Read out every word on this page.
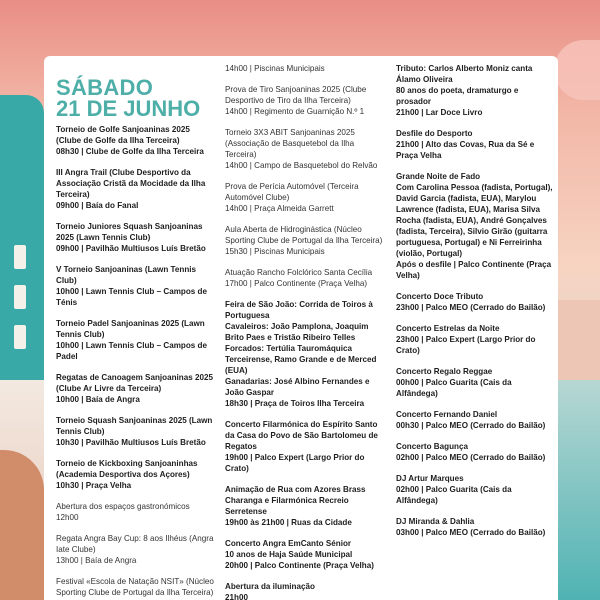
SÁBADO
21 DE JUNHO
Torneio de Golfe Sanjoaninas 2025 (Clube de Golfe da Ilha Terceira)
08h30 | Clube de Golfe da Ilha Terceira
III Angra Trail (Clube Desportivo da Associação Cristã da Mocidade da Ilha Terceira)
09h00 | Baía do Fanal
Torneio Juniores Squash Sanjoaninas 2025 (Lawn Tennis Club)
09h00 | Pavilhão Multiusos Luís Bretão
V Torneio Sanjoaninas (Lawn Tennis Club)
10h00 | Lawn Tennis Club – Campos de Ténis
Torneio Padel Sanjoaninas 2025 (Lawn Tennis Club)
10h00 | Lawn Tennis Club – Campos de Padel
Regatas de Canoagem Sanjoaninas 2025 (Clube Ar Livre da Terceira)
10h00 | Baía de Angra
Torneio Squash Sanjoaninas 2025 (Lawn Tennis Club)
10h30 | Pavilhão Multiusos Luís Bretão
Torneio de Kickboxing Sanjoaninhas (Academia Desportiva dos Açores)
10h30 | Praça Velha
Abertura dos espaços gastronómicos
12h00
Regata Angra Bay Cup: 8 aos Ilhéus (Angra Iate Clube)
13h00 | Baía de Angra
Festival «Escola de Natação NSIT» (Núcleo Sporting Clube de Portugal da Ilha Terceira)
14h00 | Piscinas Municipais
Prova de Tiro Sanjoaninas 2025 (Clube Desportivo de Tiro da Ilha Terceira)
14h00 | Regimento de Guarnição N.º 1
Torneio 3X3 ABIT Sanjoaninas 2025 (Associação de Basquetebol da Ilha Terceira)
14h00 | Campo de Basquetebol do Relvão
Prova de Perícia Automóvel (Terceira Automóvel Clube)
14h00 | Praça Almeida Garrett
Aula Aberta de Hidroginástica (Núcleo Sporting Clube de Portugal da Ilha Terceira)
15h30 | Piscinas Municipais
Atuação Rancho Folclórico Santa Cecília
17h00 | Palco Continente (Praça Velha)
Feira de São João: Corrida de Toiros à Portuguesa
Cavaleiros: João Pamplona, Joaquim Brito Paes e Tristão Ribeiro Telles
Forcados: Tertúlia Tauromáquica Terceirense, Ramo Grande e de Merced (EUA)
Ganadarias: José Albino Fernandes e João Gaspar
18h30 | Praça de Toiros Ilha Terceira
Concerto Filarmónica do Espírito Santo da Casa do Povo de São Bartolomeu de Regatos
19h00 | Palco Expert (Largo Prior do Crato)
Animação de Rua com Azores Brass Charanga e Filarmónica Recreio Serretense
19h00 às 21h00 | Ruas da Cidade
Concerto Angra EmCanto Sénior
10 anos de Haja Saúde Municipal
20h00 | Palco Continente (Praça Velha)
Abertura da iluminação
21h00
Tributo: Carlos Alberto Moniz canta Álamo Oliveira
80 anos do poeta, dramaturgo e prosador
21h00 | Lar Doce Livro
Desfile do Desporto
21h00 | Alto das Covas, Rua da Sé e Praça Velha
Grande Noite de Fado
Com Carolina Pessoa (fadista, Portugal), David Garcia (fadista, EUA), Marylou Lawrence (fadista, EUA), Marisa Silva Rocha (fadista, EUA), André Gonçalves (fadista, Terceira), Silvio Girão (guitarra portuguesa, Portugal) e Ni Ferreirinha (violão, Portugal)
Após o desfile | Palco Continente (Praça Velha)
Concerto Doce Tributo
23h00 | Palco MEO (Cerrado do Bailão)
Concerto Estrelas da Noite
23h00 | Palco Expert (Largo Prior do Crato)
Concerto Regalo Reggae
00h00 | Palco Guarita (Cais da Alfândega)
Concerto Fernando Daniel
00h30 | Palco MEO (Cerrado do Bailão)
Concerto Bagunça
02h00 | Palco MEO (Cerrado do Bailão)
DJ Artur Marques
02h00 | Palco Guarita (Cais da Alfândega)
DJ Miranda & Dahlia
03h00 | Palco MEO (Cerrado do Bailão)
